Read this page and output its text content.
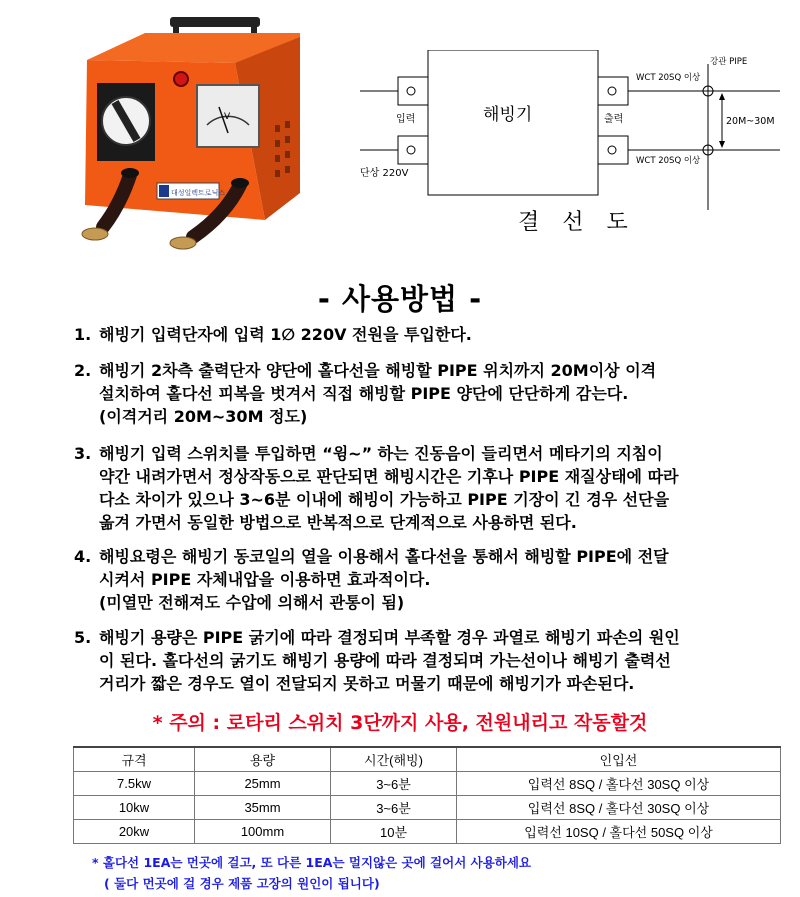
V
대성일렉트로닉스
해빙기
입력
단상 220V
출력
WCT 20SQ 이상
WCT 20SQ 이상
강관 PIPE
20M~30M
결 선 도
- 사용방법 -
1. 해빙기 입력단자에 입력 1∅ 220V 전원을 투입한다.
2. 해빙기 2차측 출력단자 양단에 홀다선을 해빙할 PIPE 위치까지 20M이상 이격
설치하여 홀다선 피복을 벗겨서 직접 해빙할 PIPE 양단에 단단하게 감는다.
(이격거리 20M~30M 정도)
3. 해빙기 입력 스위치를 투입하면 “윙~” 하는 진동음이 들리면서 메타기의 지침이
약간 내려가면서 정상작동으로 판단되면 해빙시간은 기후나 PIPE 재질상태에 따라
다소 차이가 있으나 3~6분 이내에 해빙이 가능하고 PIPE 기장이 긴 경우 선단을
옮겨 가면서 동일한 방법으로 반복적으로 단계적으로 사용하면 된다.
4. 해빙요령은 해빙기 동코일의 열을 이용해서 홀다선을 통해서 해빙할 PIPE에 전달
시켜서 PIPE 자체내압을 이용하면 효과적이다.
(미열만 전해져도 수압에 의해서 관통이 됨)
5. 해빙기 용량은 PIPE 굵기에 따라 결정되며 부족할 경우 과열로 해빙기 파손의 원인
이 된다. 홀다선의 굵기도 해빙기 용량에 따라 결정되며 가는선이나 해빙기 출력선
거리가 짧은 경우도 열이 전달되지 못하고 머물기 때문에 해빙기가 파손된다.
* 주의 : 로타리 스위치 3단까지 사용, 전원내리고 작동할것
규격	용량	시간(해빙)	인입선
7.5kw	25mm	3~6분	입력선 8SQ / 홀다선 30SQ 이상
10kw	35mm	3~6분	입력선 8SQ / 홀다선 30SQ 이상
20kw	100mm	10분	입력선 10SQ / 홀다선 50SQ 이상
* 홀다선 1EA는 먼곳에 걸고, 또 다른 1EA는 멀지않은 곳에 걸어서 사용하세요
( 둘다 먼곳에 걸 경우 제품 고장의 원인이 됩니다)
